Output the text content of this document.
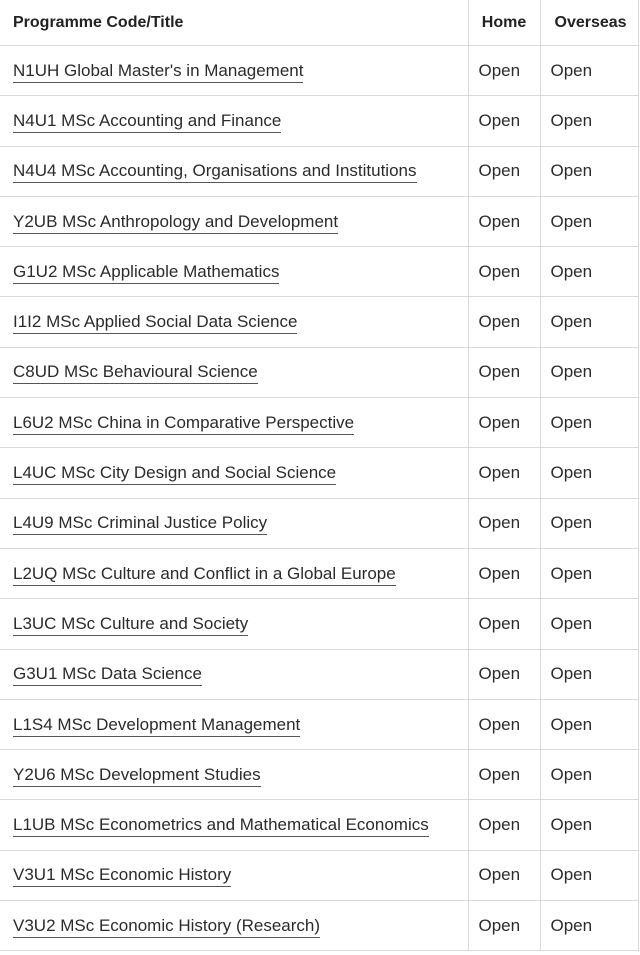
Programme Code/Title	Home	Overseas
N1UH Global Master's in Management	Open	Open
N4U1 MSc Accounting and Finance	Open	Open
N4U4 MSc Accounting, Organisations and Institutions	Open	Open
Y2UB MSc Anthropology and Development	Open	Open
G1U2 MSc Applicable Mathematics	Open	Open
I1I2 MSc Applied Social Data Science	Open	Open
C8UD MSc Behavioural Science	Open	Open
L6U2 MSc China in Comparative Perspective	Open	Open
L4UC MSc City Design and Social Science	Open	Open
L4U9 MSc Criminal Justice Policy	Open	Open
L2UQ MSc Culture and Conflict in a Global Europe	Open	Open
L3UC MSc Culture and Society	Open	Open
G3U1 MSc Data Science	Open	Open
L1S4 MSc Development Management	Open	Open
Y2U6 MSc Development Studies	Open	Open
L1UB MSc Econometrics and Mathematical Economics	Open	Open
V3U1 MSc Economic History	Open	Open
V3U2 MSc Economic History (Research)	Open	Open
